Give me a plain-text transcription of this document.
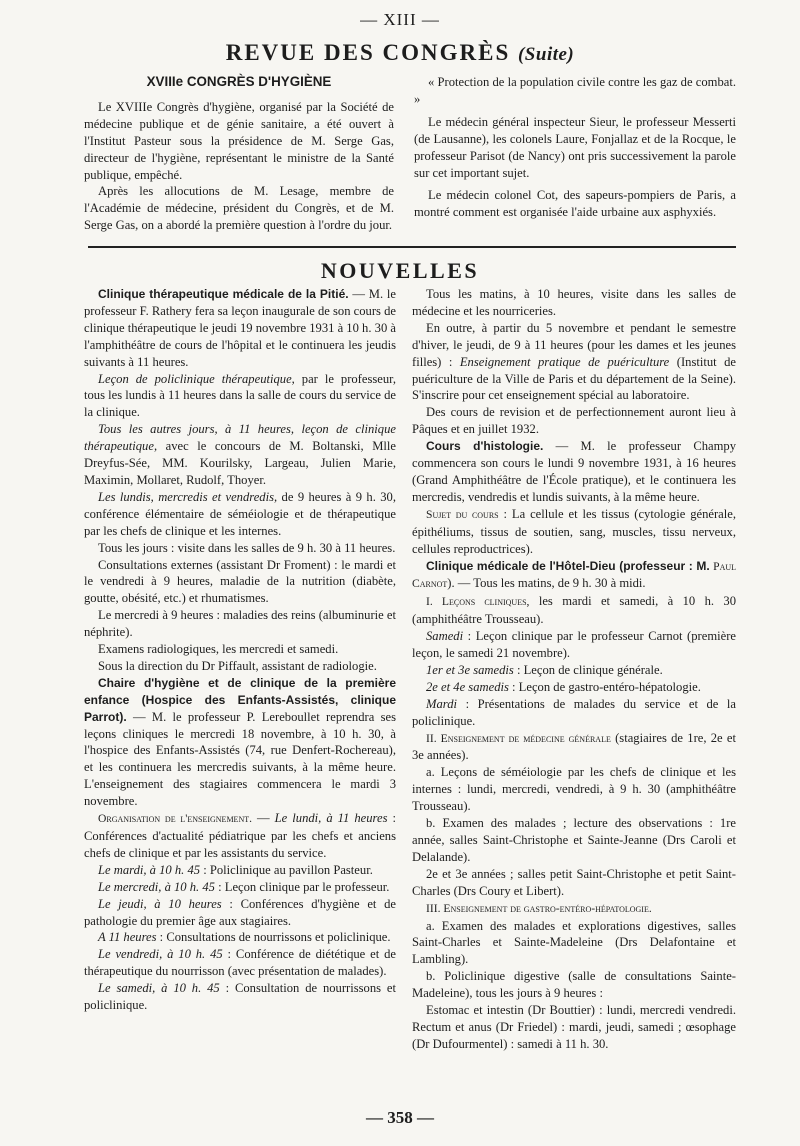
— XIII —
REVUE DES CONGRÈS (Suite)

XVIIIe CONGRÈS D'HYGIÈNE

Le XVIIIe Congrès d'hygiène, organisé par la Société de médecine publique et de génie sanitaire, a été ouvert à l'Institut Pasteur sous la présidence de M. Serge Gas, directeur de l'hygiène, représentant le ministre de la Santé publique, empêché.

Après les allocutions de M. Lesage, membre de l'Académie de médecine, président du Congrès, et de M. Serge Gas, on a abordé la première question à l'ordre du jour.

« Protection de la population civile contre les gaz de combat. »

Le médecin général inspecteur Sieur, le professeur Messerti (de Lausanne), les colonels Laure, Fonjallaz et de la Rocque, le professeur Parisot (de Nancy) ont pris successivement la parole sur cet important sujet.

Le médecin colonel Cot, des sapeurs-pompiers de Paris, a montré comment est organisée l'aide urbaine aux asphyxiés.

NOUVELLES

Clinique thérapeutique médicale de la Pitié. — M. le professeur F. Rathery fera sa leçon inaugurale de son cours de clinique thérapeutique le jeudi 19 novembre 1931 à 10 h. 30 à l'amphithéâtre de cours de l'hôpital et le continuera les jeudis suivants à 11 heures.

Leçon de policlinique thérapeutique, par le professeur, tous les lundis à 11 heures dans la salle de cours du service de la clinique.

Tous les autres jours, à 11 heures, leçon de clinique thérapeutique, avec le concours de M. Boltanski, Mlle Dreyfus-Sée, MM. Kourilsky, Largeau, Julien Marie, Maximin, Mollaret, Rudolf, Thoyer.

Les lundis, mercredis et vendredis, de 9 heures à 9 h. 30, conférence élémentaire de séméiologie et de thérapeutique par les chefs de clinique et les internes.

Tous les jours : visite dans les salles de 9 h. 30 à 11 heures.

Consultations externes (assistant Dr Froment) : le mardi et le vendredi à 9 heures, maladie de la nutrition (diabète, goutte, obésité, etc.) et rhumatismes.

Le mercredi à 9 heures : maladies des reins (albuminurie et néphrite).

Examens radiologiques, les mercredi et samedi.

Sous la direction du Dr Piffault, assistant de radiologie.

Chaire d'hygiène et de clinique de la première enfance (Hospice des Enfants-Assistés, clinique Parrot). — M. le professeur P. Lereboullet reprendra ses leçons cliniques le mercredi 18 novembre, à 10 h. 30, à l'hospice des Enfants-Assistés (74, rue Denfert-Rochereau), et les continuera les mercredis suivants, à la même heure. L'enseignement des stagiaires commencera le mardi 3 novembre.

Organisation de l'enseignement. — Le lundi, à 11 heures : Conférences d'actualité pédiatrique par les chefs et anciens chefs de clinique et par les assistants du service.

Le mardi, à 10 h. 45 : Policlinique au pavillon Pasteur.

Le mercredi, à 10 h. 45 : Leçon clinique par le professeur.

Le jeudi, à 10 heures : Conférences d'hygiène et de pathologie du premier âge aux stagiaires.

A 11 heures : Consultations de nourrissons et policlinique.

Le vendredi, à 10 h. 45 : Conférence de diététique et de thérapeutique du nourrisson (avec présentation de malades).

Le samedi, à 10 h. 45 : Consultation de nourrissons et policlinique.

Tous les matins, à 10 heures, visite dans les salles de médecine et les nourriceries.

En outre, à partir du 5 novembre et pendant le semestre d'hiver, le jeudi, de 9 à 11 heures (pour les dames et les jeunes filles) : Enseignement pratique de puériculture (Institut de puériculture de la Ville de Paris et du département de la Seine). S'inscrire pour cet enseignement spécial au laboratoire.

Des cours de revision et de perfectionnement auront lieu à Pâques et en juillet 1932.

Cours d'histologie. — M. le professeur Champy commencera son cours le lundi 9 novembre 1931, à 16 heures (Grand Amphithéâtre de l'École pratique), et le continuera les mercredis, vendredis et lundis suivants, à la même heure.

Sujet du cours : La cellule et les tissus (cytologie générale, épithéliums, tissus de soutien, sang, muscles, tissu nerveux, cellules reproductrices).

Clinique médicale de l'Hôtel-Dieu (professeur : M. Paul Carnot). — Tous les matins, de 9 h. 30 à midi.

I. Leçons cliniques, les mardi et samedi, à 10 h. 30 (amphithéâtre Trousseau).

Samedi : Leçon clinique par le professeur Carnot (première leçon, le samedi 21 novembre).

1er et 3e samedis : Leçon de clinique générale.

2e et 4e samedis : Leçon de gastro-entéro-hépatologie.

Mardi : Présentations de malades du service et de la policlinique.

II. Enseignement de médecine générale (stagiaires de 1re, 2e et 3e années).

a. Leçons de séméiologie par les chefs de clinique et les internes : lundi, mercredi, vendredi, à 9 h. 30 (amphithéâtre Trousseau).

b. Examen des malades ; lecture des observations : 1re année, salles Saint-Christophe et Sainte-Jeanne (Drs Caroli et Delalande).

2e et 3e années ; salles petit Saint-Christophe et petit Saint-Charles (Drs Coury et Libert).

III. Enseignement de gastro-entéro-hépatologie.

a. Examen des malades et explorations digestives, salles Saint-Charles et Sainte-Madeleine (Drs Delafontaine et Lambling).

b. Policlinique digestive (salle de consultations Sainte-Madeleine), tous les jours à 9 heures :

Estomac et intestin (Dr Bouttier) : lundi, mercredi vendredi. Rectum et anus (Dr Friedel) : mardi, jeudi, samedi ; œsophage (Dr Dufourmentel) : samedi à 11 h. 30.

— 358 —
